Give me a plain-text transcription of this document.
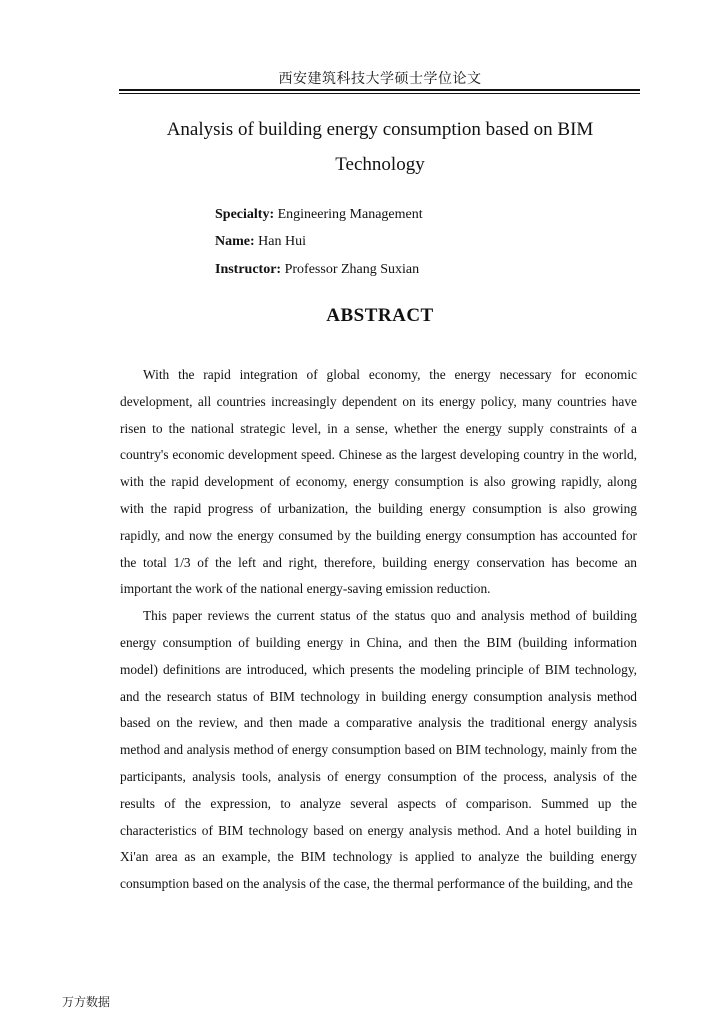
西安建筑科技大学硕士学位论文
Analysis of building energy consumption based on BIM
Technology
Specialty: Engineering Management
Name: Han Hui
Instructor: Professor Zhang Suxian
ABSTRACT

With the rapid integration of global economy, the energy necessary for economic development, all countries increasingly dependent on its energy policy, many countries have risen to the national strategic level, in a sense, whether the energy supply constraints of a country's economic development speed. Chinese as the largest developing country in the world, with the rapid development of economy, energy consumption is also growing rapidly, along with the rapid progress of urbanization, the building energy consumption is also growing rapidly, and now the energy consumed by the building energy consumption has accounted for the total 1/3 of the left and right, therefore, building energy conservation has become an important the work of the national energy-saving emission reduction.

This paper reviews the current status of the status quo and analysis method of building energy consumption of building energy in China, and then the BIM (building information model) definitions are introduced, which presents the modeling principle of BIM technology, and the research status of BIM technology in building energy consumption analysis method based on the review, and then made a comparative analysis the traditional energy analysis method and analysis method of energy consumption based on BIM technology, mainly from the participants, analysis tools, analysis of energy consumption of the process, analysis of the results of the expression, to analyze several aspects of comparison. Summed up the characteristics of BIM technology based on energy analysis method. And a hotel building in Xi'an area as an example, the BIM technology is applied to analyze the building energy consumption based on the analysis of the case, the thermal performance of the building, and the

万方数据
